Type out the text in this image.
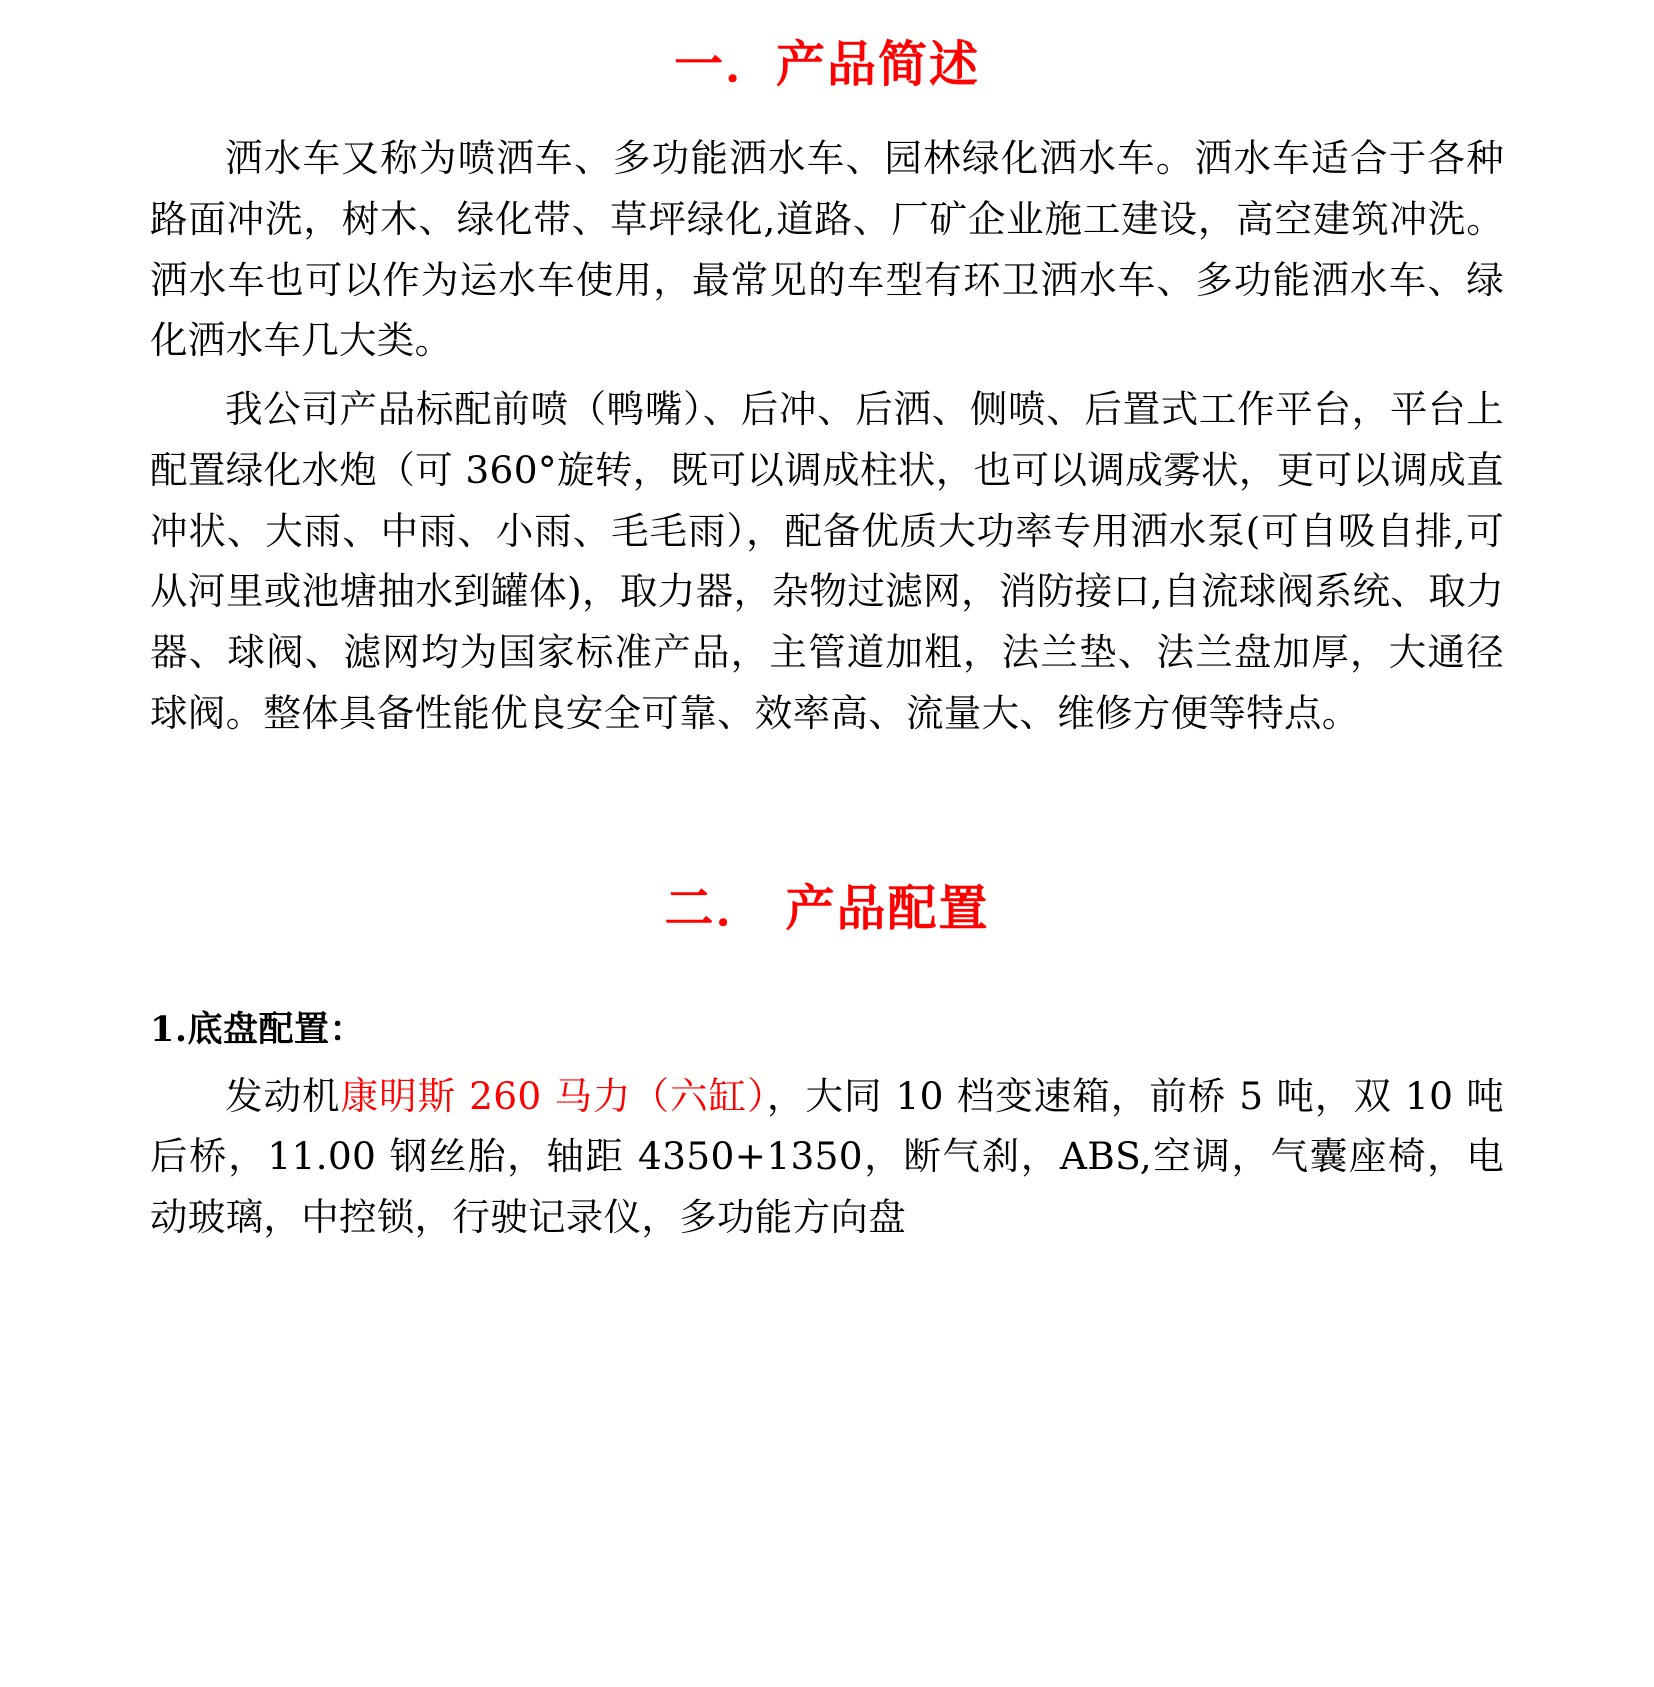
一．产品简述

洒水车又称为喷洒车、多功能洒水车、园林绿化洒水车。洒水车适合于各种路面冲洗，树木、绿化带、草坪绿化,道路、厂矿企业施工建设，高空建筑冲洗。洒水车也可以作为运水车使用，最常见的车型有环卫洒水车、多功能洒水车、绿化洒水车几大类。

我公司产品标配前喷（鸭嘴）、后冲、后洒、侧喷、后置式工作平台，平台上配置绿化水炮（可 360°旋转，既可以调成柱状，也可以调成雾状，更可以调成直冲状、大雨、中雨、小雨、毛毛雨），配备优质大功率专用洒水泵(可自吸自排,可从河里或池塘抽水到罐体)，取力器，杂物过滤网，消防接口,自流球阀系统、取力器、球阀、滤网均为国家标准产品，主管道加粗，法兰垫、法兰盘加厚，大通径球阀。整体具备性能优良安全可靠、效率高、流量大、维修方便等特点。

二． 产品配置
1.底盘配置：

发动机康明斯 260 马力（六缸），大同 10 档变速箱，前桥 5 吨，双 10 吨后桥，11.00 钢丝胎，轴距 4350+1350，断气刹，ABS,空调，气囊座椅，电动玻璃，中控锁，行驶记录仪，多功能方向盘
